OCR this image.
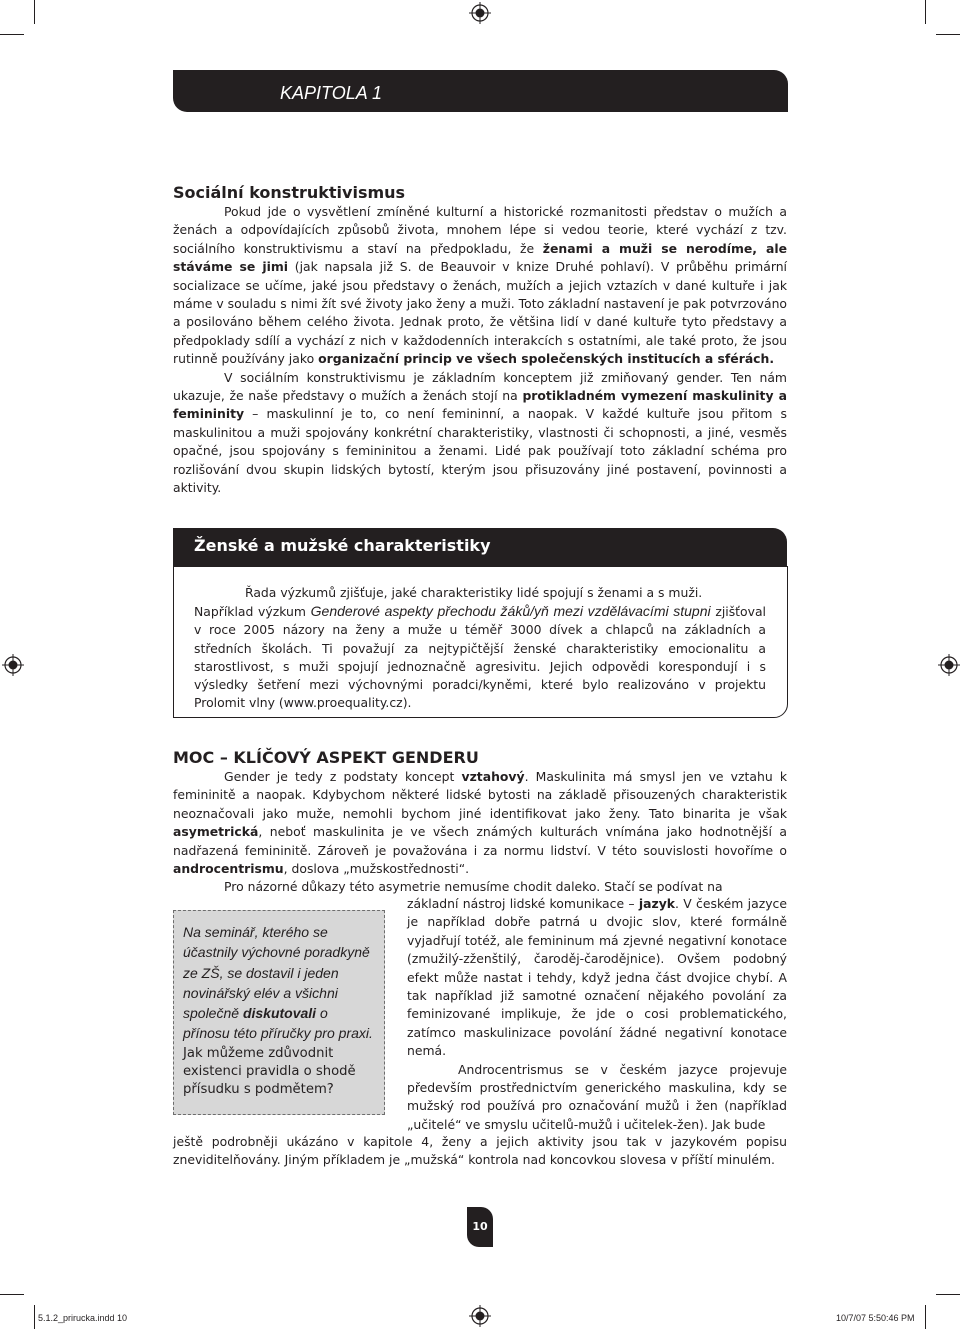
KAPITOLA 1
Sociální konstruktivismus

Pokud jde o vysvětlení zmíněné kulturní a historické rozmanitosti představ o mužích a ženách a odpovídajících způsobů života, mnohem lépe si vedou teorie, které vychází z tzv. sociálního konstruktivismu a staví na předpokladu, že ženami a muži se nerodíme, ale stáváme se jimi (jak napsala již S. de Beauvoir v knize Druhé pohlaví). V průběhu primární socializace se učíme, jaké jsou představy o ženách, mužích a jejich vztazích v dané kultuře i jak máme v souladu s nimi žít své životy jako ženy a muži. Toto základní nastavení je pak potvrzováno a posilováno během celého života. Jednak proto, že většina lidí v dané kultuře tyto představy a předpoklady sdílí a vychází z nich v každodenních interakcích s ostatními, ale také proto, že jsou rutinně používány jako organizační princip ve všech společenských institucích a sférách.

V sociálním konstruktivismu je základním konceptem již zmiňovaný gender. Ten nám ukazuje, že naše představy o mužích a ženách stojí na protikladném vymezení maskulinity a femininity – maskulinní je to, co není femininní, a naopak. V každé kultuře jsou přitom s maskulinitou a muži spojovány konkrétní charakteristiky, vlastnosti či schopnosti, a jiné, vesměs opačné, jsou spojovány s femininitou a ženami. Lidé pak používají toto základní schéma pro rozlišování dvou skupin lidských bytostí, kterým jsou přisuzovány jiné postavení, povinnosti a aktivity.

Ženské a mužské charakteristiky

Řada výzkumů zjišťuje, jaké charakteristiky lidé spojují s ženami a s muži.

Například výzkum Genderové aspekty přechodu žáků/yň mezi vzdělávacími stupni zjišťoval v roce 2005 názory na ženy a muže u téměř 3000 dívek a chlapců na základních a středních školách. Ti považují za nejtypičtější ženské charakteristiky emocionalitu a starostlivost, s muži spojují jednoznačně agresivitu. Jejich odpovědi korespondují i s výsledky šetření mezi výchovnými poradci/kyněmi, které bylo realizováno v projektu Prolomit vlny (www.proequality.cz).

MOC – KLÍČOVÝ ASPEKT GENDERU

Gender je tedy z podstaty koncept vztahový. Maskulinita má smysl jen ve vztahu k femininitě a naopak. Kdybychom některé lidské bytosti na základě přisouzených charakteristik neoznačovali jako muže, nemohli bychom jiné identifikovat jako ženy. Tato binarita je však asymetrická, neboť maskulinita je ve všech známých kulturách vnímána jako hodnotnější a nadřazená femininitě. Zároveň je považována i za normu lidství. V této souvislosti hovoříme o androcentrismu, doslova „mužskostřednosti“.

Pro názorné důkazy této asymetrie nemusíme chodit daleko. Stačí se podívat na

základní nástroj lidské komunikace – jazyk. V českém jazyce je například dobře patrná u dvojic slov, které formálně vyjadřují totéž, ale femininum má zjevné negativní konotace (zmužilý-zženštilý, čaroděj-čarodějnice). Ovšem podobný efekt může nastat i tehdy, když jedna část dvojice chybí. A tak například již samotné označení nějakého povolání za feminizované implikuje, že jde o cosi problematického, zatímco maskulinizace povolání žádné negativní konotace nemá.

Androcentrismus se v českém jazyce projevuje především prostřednictvím generického maskulina, kdy se mužský rod používá pro označování mužů i žen (například „učitelé“ ve smyslu učitelů-mužů i učitelek-žen). Jak bude

ještě podrobněji ukázáno v kapitole 4, ženy a jejich aktivity jsou tak v jazykovém popisu zneviditelňovány. Jiným příkladem je „mužská“ kontrola nad koncovkou slovesa v příští minulém.

Na seminář, kterého se účastnily výchovné poradkyně ze ZŠ, se dostavil i jeden novinářský elév a všichni společně diskutovali o přínosu této příručky pro praxi. Jak můžeme zdůvodnit existenci pravidla o shodě přísudku s podmětem?

10
5.1.2_prirucka.indd 10	10/7/07 5:50:46 PM
